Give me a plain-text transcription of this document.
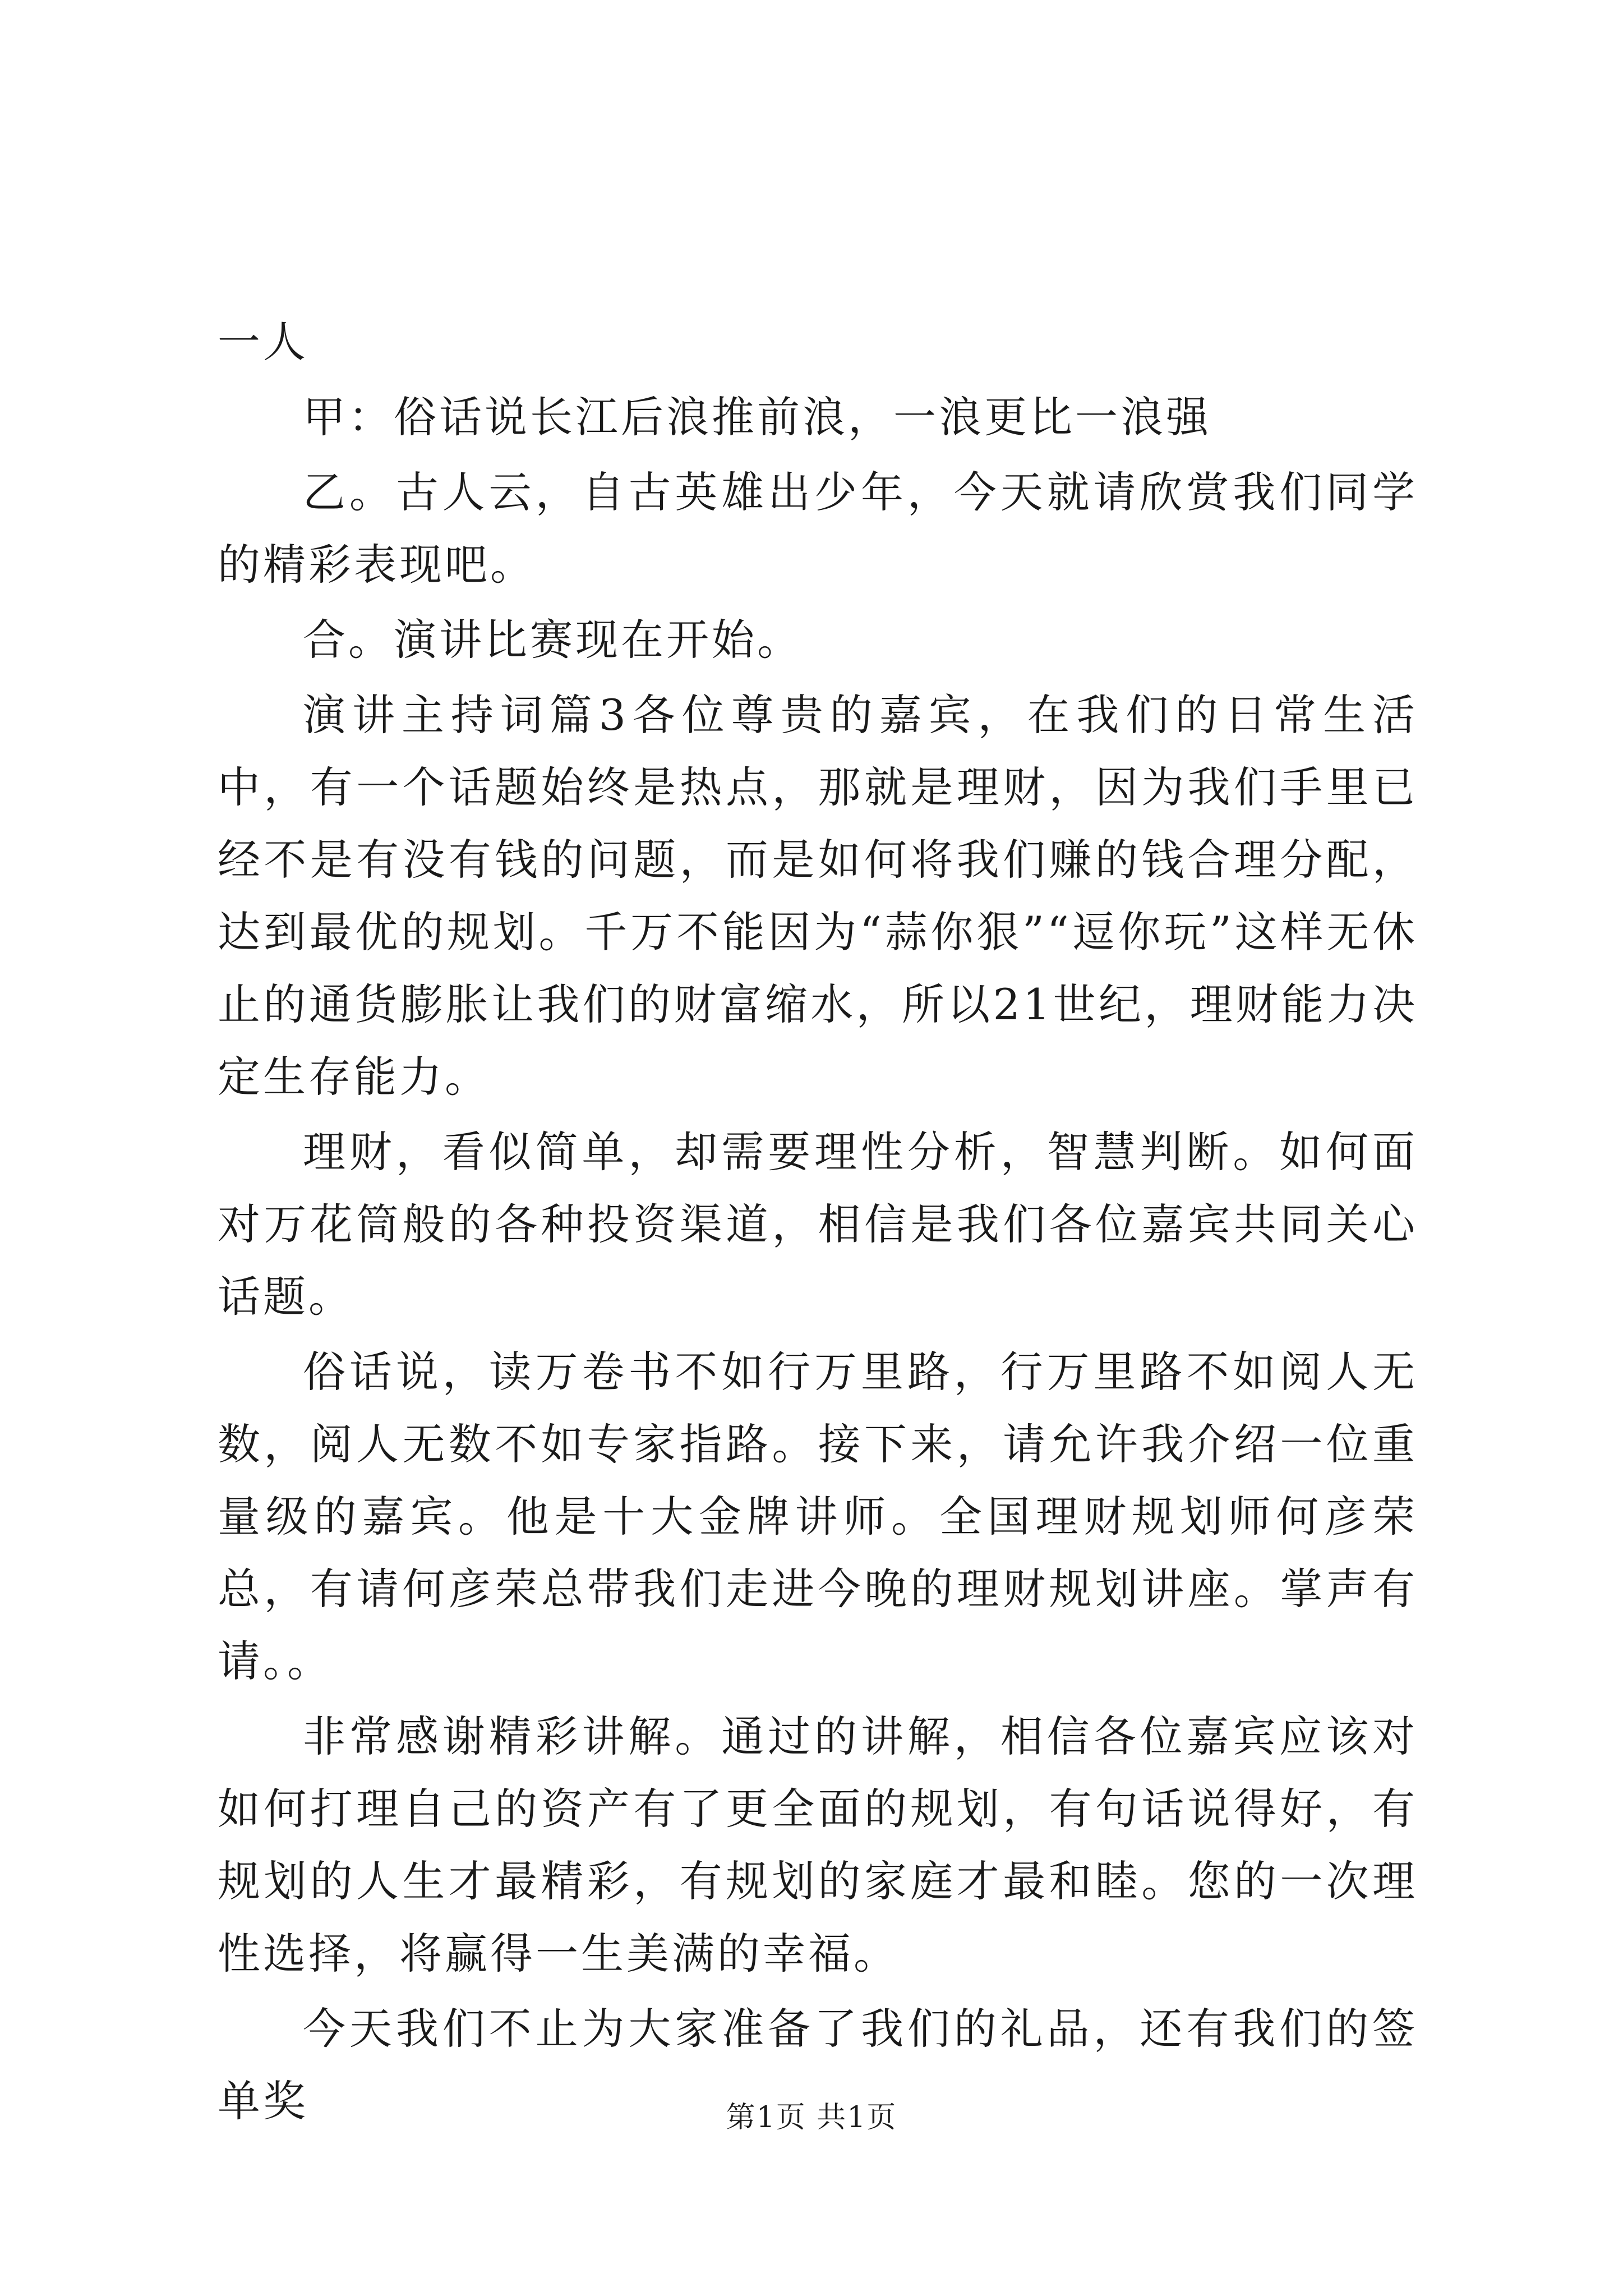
一人

甲：俗话说长江后浪推前浪，一浪更比一浪强

乙。古人云，自古英雄出少年，今天就请欣赏我们同学的精彩表现吧。

合。演讲比赛现在开始。

演讲主持词篇3各位尊贵的嘉宾，在我们的日常生活中，有一个话题始终是热点，那就是理财，因为我们手里已经不是有没有钱的问题，而是如何将我们赚的钱合理分配，达到最优的规划。千万不能因为“蒜你狠”“逗你玩”这样无休止的通货膨胀让我们的财富缩水，所以21世纪，理财能力决定生存能力。

理财，看似简单，却需要理性分析，智慧判断。如何面对万花筒般的各种投资渠道，相信是我们各位嘉宾共同关心话题。

俗话说，读万卷书不如行万里路，行万里路不如阅人无数，阅人无数不如专家指路。接下来，请允许我介绍一位重量级的嘉宾。他是十大金牌讲师。全国理财规划师何彦荣总，有请何彦荣总带我们走进今晚的理财规划讲座。掌声有请。。

非常感谢精彩讲解。通过的讲解，相信各位嘉宾应该对如何打理自己的资产有了更全面的规划，有句话说得好，有规划的人生才最精彩，有规划的家庭才最和睦。您的一次理性选择，将赢得一生美满的幸福。

今天我们不止为大家准备了我们的礼品，还有我们的签单奖	第1页 共1页
